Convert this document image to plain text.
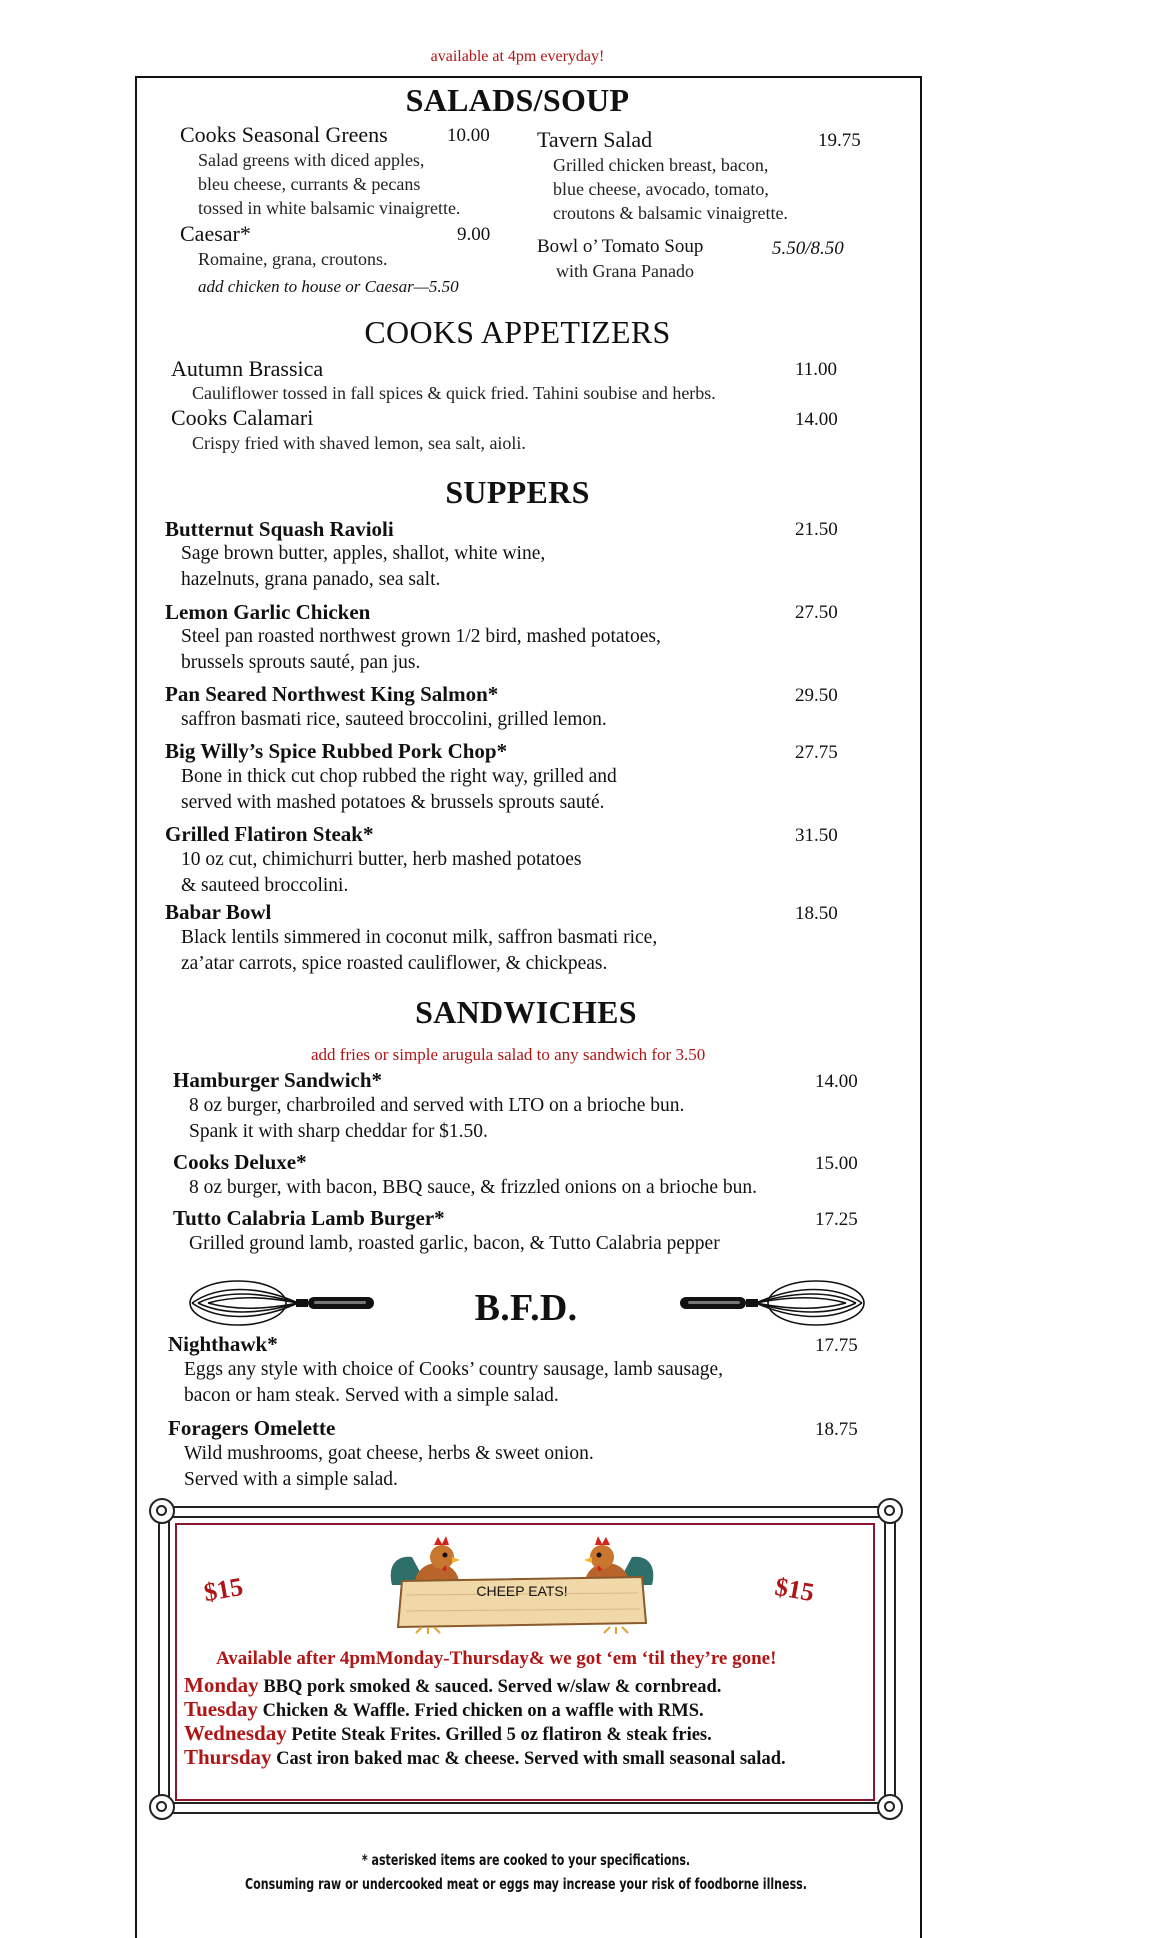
available at 4pm everyday!
SALADS/SOUP
Cooks Seasonal Greens	10.00
Salad greens with diced apples,
bleu cheese, currants & pecans
tossed in white balsamic vinaigrette.
Caesar*	9.00
Romaine, grana, croutons.
add chicken to house or Caesar—5.50
Tavern Salad	19.75
Grilled chicken breast, bacon,
blue cheese, avocado, tomato,
croutons & balsamic vinaigrette.
Bowl o’ Tomato Soup	5.50/8.50
with Grana Panado
COOKS APPETIZERS
Autumn Brassica	11.00
Cauliflower tossed in fall spices & quick fried. Tahini soubise and herbs.
Cooks Calamari	14.00
Crispy fried with shaved lemon, sea salt, aioli.
SUPPERS
Butternut Squash Ravioli	21.50
Sage brown butter, apples, shallot, white wine,
hazelnuts, grana panado, sea salt.
Lemon Garlic Chicken	27.50
Steel pan roasted northwest grown 1/2 bird, mashed potatoes,
brussels sprouts sauté, pan jus.
Pan Seared Northwest King Salmon*	29.50
saffron basmati rice, sauteed broccolini, grilled lemon.
Big Willy’s Spice Rubbed Pork Chop*	27.75
Bone in thick cut chop rubbed the right way, grilled and
served with mashed potatoes & brussels sprouts sauté.
Grilled Flatiron Steak*	31.50
10 oz cut, chimichurri butter, herb mashed potatoes
& sauteed broccolini.
Babar Bowl	18.50
Black lentils simmered in coconut milk, saffron basmati rice,
za’atar carrots, spice roasted cauliflower, & chickpeas.
SANDWICHES
add fries or simple arugula salad to any sandwich for 3.50
Hamburger Sandwich*	14.00
8 oz burger, charbroiled and served with LTO on a brioche bun.
Spank it with sharp cheddar for $1.50.
Cooks Deluxe*	15.00
8 oz burger, with bacon, BBQ sauce, & frizzled onions on a brioche bun.
Tutto Calabria Lamb Burger*	17.25
Grilled ground lamb, roasted garlic, bacon, & Tutto Calabria pepper
B.F.D.
Nighthawk*	17.75
Eggs any style with choice of Cooks’ country sausage, lamb sausage,
bacon or ham steak. Served with a simple salad.
Foragers Omelette	18.75
Wild mushrooms, goat cheese, herbs & sweet onion.
Served with a simple salad.
CHEEP EATS!
$15	$15
Available after 4pmMonday-Thursday& we got ‘em ‘til they’re gone!
Monday BBQ pork smoked & sauced. Served w/slaw & cornbread.
Tuesday Chicken & Waffle. Fried chicken on a waffle with RMS.
Wednesday Petite Steak Frites. Grilled 5 oz flatiron & steak fries.
Thursday Cast iron baked mac & cheese. Served with small seasonal salad.
* asterisked items are cooked to your specifications.
Consuming raw or undercooked meat or eggs may increase your risk of foodborne illness.
